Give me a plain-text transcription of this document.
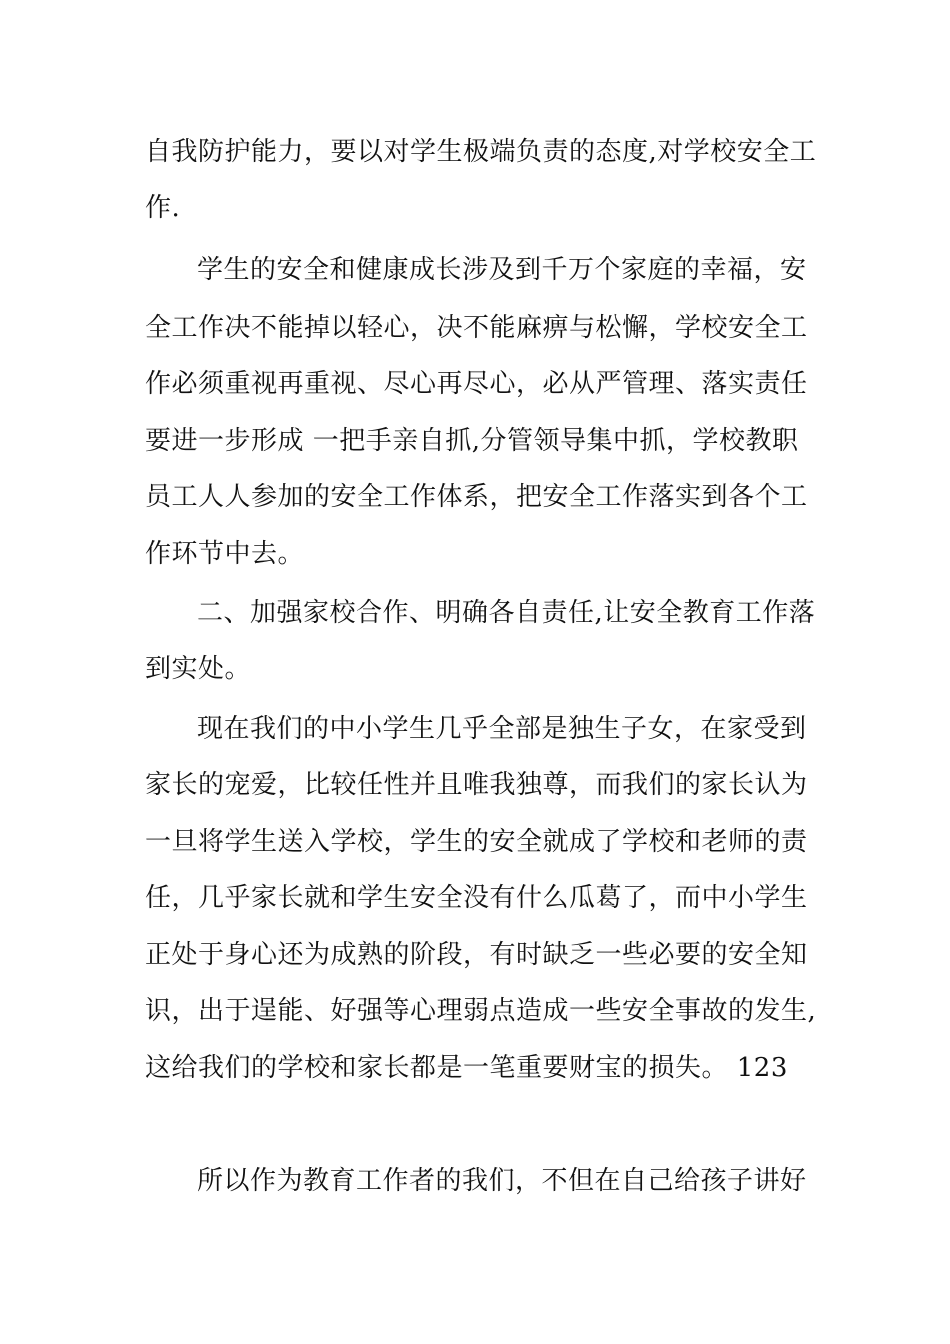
自我防护能力，要以对学生极端负责的态度,对学校安全工
作.
学生的安全和健康成长涉及到千万个家庭的幸福，安
全工作决不能掉以轻心，决不能麻痹与松懈，学校安全工
作必须重视再重视、尽心再尽心，必从严管理、落实责任
要进一步形成 一把手亲自抓,分管领导集中抓，学校教职
员工人人参加的安全工作体系，把安全工作落实到各个工
作环节中去。
二、加强家校合作、明确各自责任,让安全教育工作落
到实处。
现在我们的中小学生几乎全部是独生子女，在家受到
家长的宠爱，比较任性并且唯我独尊，而我们的家长认为
一旦将学生送入学校，学生的安全就成了学校和老师的责
任，几乎家长就和学生安全没有什么瓜葛了，而中小学生
正处于身心还为成熟的阶段，有时缺乏一些必要的安全知
识，出于逞能、好强等心理弱点造成一些安全事故的发生,
这给我们的学校和家长都是一笔重要财宝的损失。 123
所以作为教育工作者的我们，不但在自己给孩子讲好
